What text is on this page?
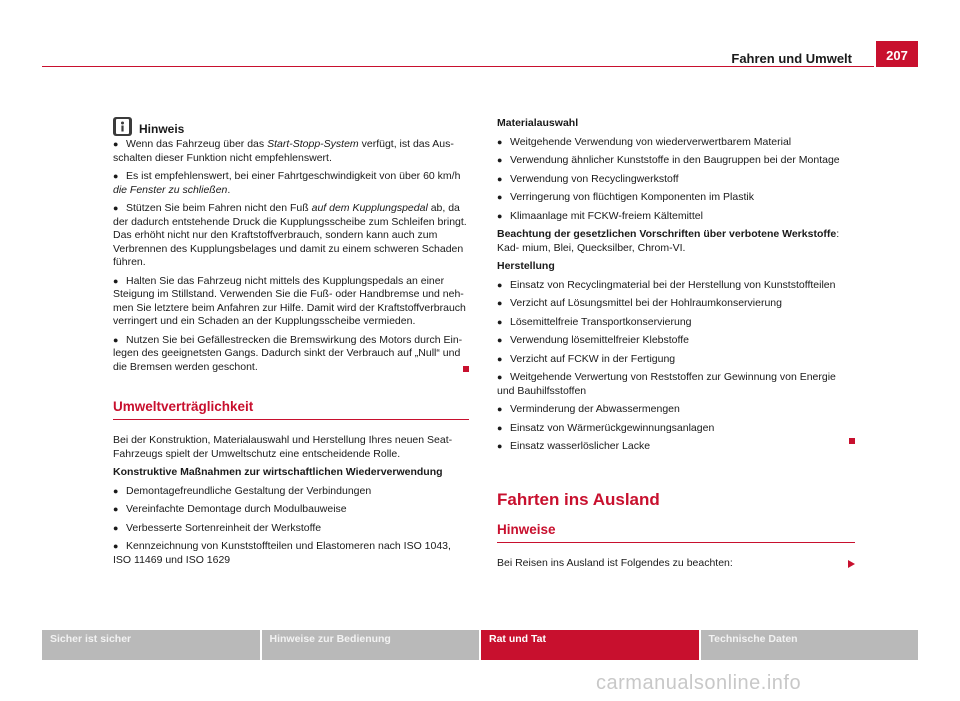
Fahren und Umwelt	207
Hinweis

● Wenn das Fahrzeug über das Start-Stopp-System verfügt, ist das Aus- schalten dieser Funktion nicht empfehlenswert.

● Es ist empfehlenswert, bei einer Fahrtgeschwindigkeit von über 60 km/h die Fenster zu schließen.

● Stützen Sie beim Fahren nicht den Fuß auf dem Kupplungspedal ab, da der dadurch entstehende Druck die Kupplungsscheibe zum Schleifen bringt. Das erhöht nicht nur den Kraftstoffverbrauch, sondern kann auch zum Verbrennen des Kupplungsbelages und damit zu einem schweren Schaden führen.

● Halten Sie das Fahrzeug nicht mittels des Kupplungspedals an einer Steigung im Stillstand. Verwenden Sie die Fuß- oder Handbremse und neh- men Sie letztere beim Anfahren zur Hilfe. Damit wird der Kraftstoffverbrauch verringert und ein Schaden an der Kupplungsscheibe vermieden.

● Nutzen Sie bei Gefällestrecken die Bremswirkung des Motors durch Ein- legen des geeignetsten Gangs. Dadurch sinkt der Verbrauch auf „Null“ und die Bremsen werden geschont.

Umweltverträglichkeit

Bei der Konstruktion, Materialauswahl und Herstellung Ihres neuen Seat-Fahrzeugs spielt der Umweltschutz eine entscheidende Rolle.

Konstruktive Maßnahmen zur wirtschaftlichen Wiederverwendung

● Demontagefreundliche Gestaltung der Verbindungen

● Vereinfachte Demontage durch Modulbauweise

● Verbesserte Sortenreinheit der Werkstoffe

● Kennzeichnung von Kunststoffteilen und Elastomeren nach ISO 1043, ISO 11469 und ISO 1629

Materialauswahl

● Weitgehende Verwendung von wiederverwertbarem Material

● Verwendung ähnlicher Kunststoffe in den Baugruppen bei der Montage

● Verwendung von Recyclingwerkstoff

● Verringerung von flüchtigen Komponenten im Plastik

● Klimaanlage mit FCKW-freiem Kältemittel

Beachtung der gesetzlichen Vorschriften über verbotene Werkstoffe: Kad- mium, Blei, Quecksilber, Chrom-VI.

Herstellung

● Einsatz von Recyclingmaterial bei der Herstellung von Kunststoffteilen

● Verzicht auf Lösungsmittel bei der Hohlraumkonservierung

● Lösemittelfreie Transportkonservierung

● Verwendung lösemittelfreier Klebstoffe

● Verzicht auf FCKW in der Fertigung

● Weitgehende Verwertung von Reststoffen zur Gewinnung von Energie und Bauhilfsstoffen

● Verminderung der Abwassermengen

● Einsatz von Wärmerückgewinnungsanlagen

● Einsatz wasserlöslicher Lacke

Fahrten ins Ausland
Hinweise

Bei Reisen ins Ausland ist Folgendes zu beachten:

Sicher ist sicher	Hinweise zur Bedienung	Rat und Tat	Technische Daten
carmanualsonline.info
